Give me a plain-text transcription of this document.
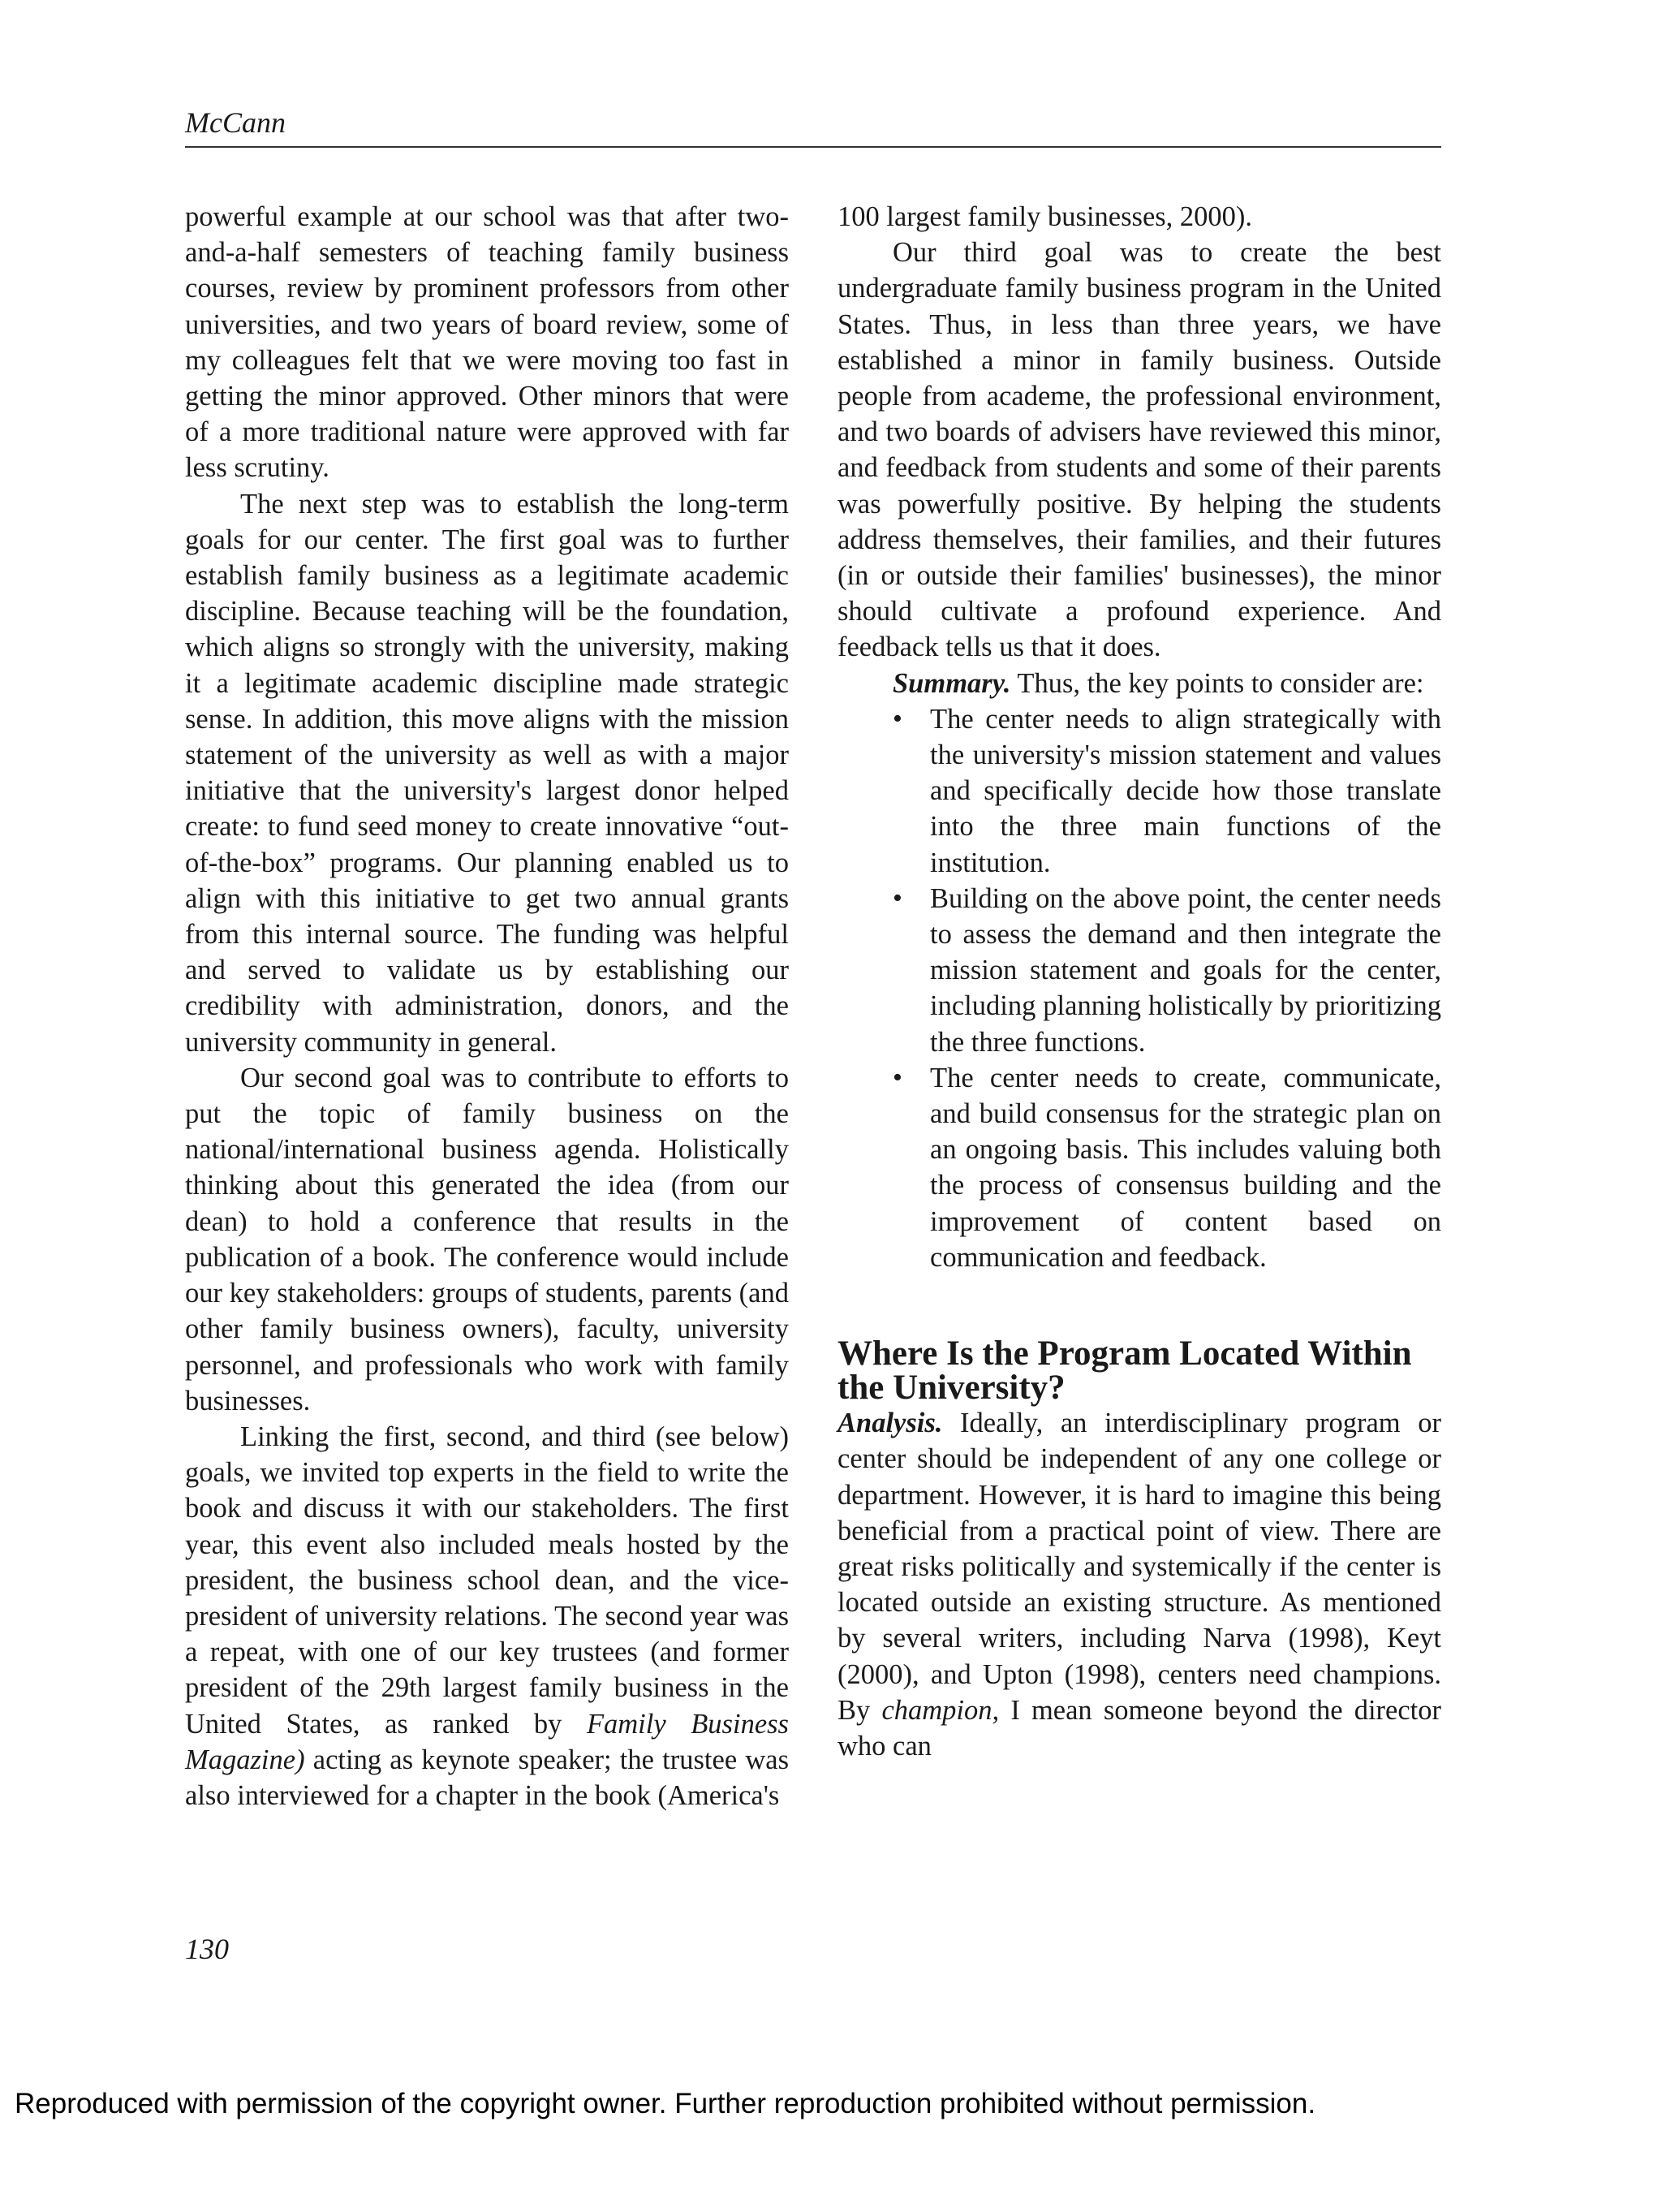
McCann

powerful example at our school was that after two-and-a-half semesters of teaching family business courses, review by prominent professors from other universities, and two years of board review, some of my colleagues felt that we were moving too fast in getting the minor approved. Other minors that were of a more traditional nature were approved with far less scrutiny.

The next step was to establish the long-term goals for our center. The first goal was to further establish family business as a legitimate academic discipline. Because teaching will be the foundation, which aligns so strongly with the university, making it a legitimate academic discipline made strategic sense. In addition, this move aligns with the mission statement of the university as well as with a major initiative that the university's largest donor helped create: to fund seed money to create innovative “out-of-the-box” programs. Our planning enabled us to align with this initiative to get two annual grants from this internal source. The funding was helpful and served to validate us by establishing our credibility with administration, donors, and the university community in general.

Our second goal was to contribute to efforts to put the topic of family business on the national/international business agenda. Holistically thinking about this generated the idea (from our dean) to hold a conference that results in the publication of a book. The conference would include our key stakeholders: groups of students, parents (and other family business owners), faculty, university personnel, and professionals who work with family businesses.

Linking the first, second, and third (see below) goals, we invited top experts in the field to write the book and discuss it with our stakeholders. The first year, this event also included meals hosted by the president, the business school dean, and the vice-president of university relations. The second year was a repeat, with one of our key trustees (and former president of the 29th largest family business in the United States, as ranked by Family Business Magazine) acting as keynote speaker; the trustee was also interviewed for a chapter in the book (America's

100 largest family businesses, 2000).

Our third goal was to create the best undergraduate family business program in the United States. Thus, in less than three years, we have established a minor in family business. Outside people from academe, the professional environment, and two boards of advisers have reviewed this minor, and feedback from students and some of their parents was powerfully positive. By helping the students address themselves, their families, and their futures (in or outside their families' businesses), the minor should cultivate a profound experience. And feedback tells us that it does.

Summary. Thus, the key points to consider are:

• The center needs to align strategically with the university's mission statement and values and specifically decide how those translate into the three main functions of the institution.
• Building on the above point, the center needs to assess the demand and then integrate the mission statement and goals for the center, including planning holistically by prioritizing the three functions.
• The center needs to create, communicate, and build consensus for the strategic plan on an ongoing basis. This includes valuing both the process of consensus building and the improvement of content based on communication and feedback.
Where Is the Program Located Within the University?

Analysis. Ideally, an interdisciplinary program or center should be independent of any one college or department. However, it is hard to imagine this being beneficial from a practical point of view. There are great risks politically and systemically if the center is located outside an existing structure. As mentioned by several writers, including Narva (1998), Keyt (2000), and Upton (1998), centers need champions. By champion, I mean someone beyond the director who can

130
Reproduced with permission of the copyright owner. Further reproduction prohibited without permission.
